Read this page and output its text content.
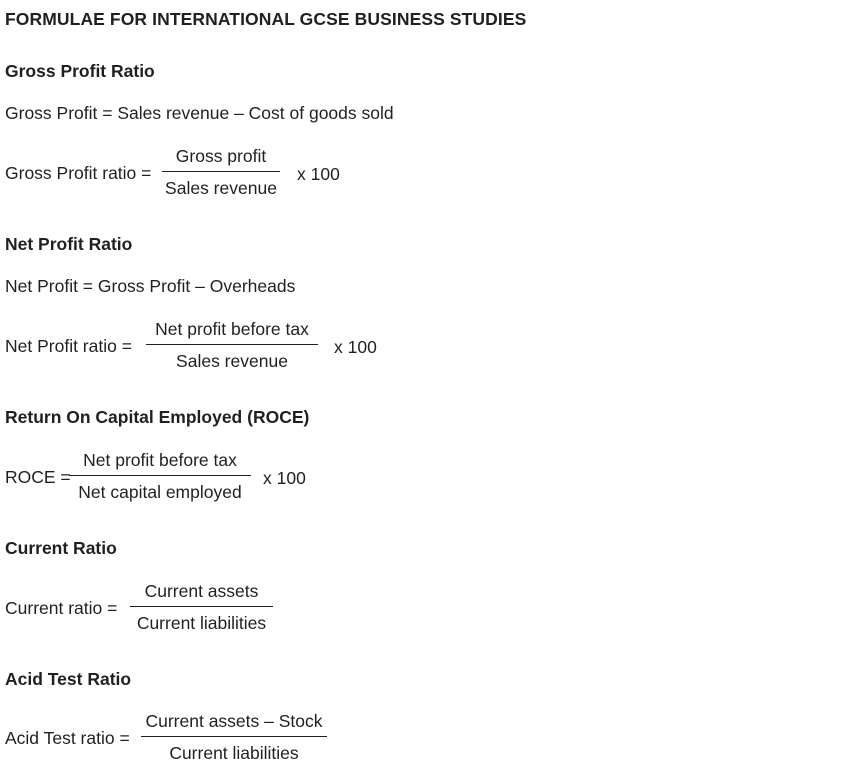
FORMULAE FOR INTERNATIONAL GCSE BUSINESS STUDIES
Gross Profit Ratio
Gross Profit = Sales revenue – Cost of goods sold
Gross Profit ratio =
Gross profit
Sales revenue
x 100
Net Profit Ratio
Net Profit = Gross Profit – Overheads
Net Profit ratio =
Net profit before tax
Sales revenue
x 100
Return On Capital Employed (ROCE)
ROCE =
Net profit before tax
Net capital employed
x 100
Current Ratio
Current ratio =
Current assets
Current liabilities
Acid Test Ratio
Acid Test ratio =
Current assets – Stock
Current liabilities
